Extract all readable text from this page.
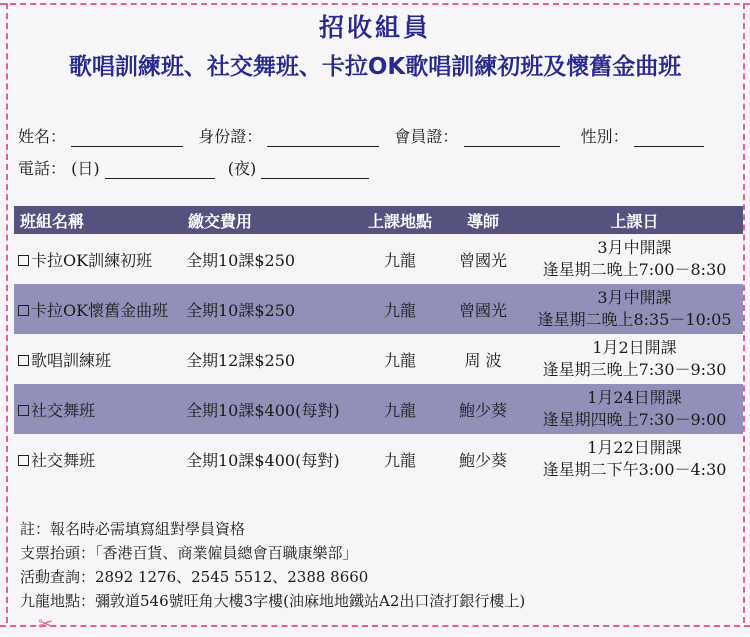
✂
招收組員
歌唱訓練班、社交舞班、卡拉OK歌唱訓練初班及懷舊金曲班
姓名：	身份證：	會員證：	性別：
電話： (日)	(夜)
班組名稱	繳交費用	上課地點	導師	上課日
卡拉OK訓練初班	全期10課$250	九龍	曾國光	3月中開課
逢星期二晚上7:00－8:30

卡拉OK懷舊金曲班	全期10課$250	九龍	曾國光	3月中開課
逢星期二晚上8:35－10:05

歌唱訓練班	全期12課$250	九龍	周 波	1月2日開課
逢星期三晚上7:30－9:30

社交舞班	全期10課$400(每對)	九龍	鮑少葵	1月24日開課
逢星期四晚上7:30－9:00

社交舞班	全期10課$400(每對)	九龍	鮑少葵	1月22日開課
逢星期二下午3:00－4:30
註：報名時必需填寫組對學員資格
支票抬頭：「香港百貨、商業僱員總會百職康樂部」
活動查詢：2892 1276、2545 5512、2388 8660
九龍地點：彌敦道546號旺角大樓3字樓(油麻地地鐵站A2出口渣打銀行樓上)
